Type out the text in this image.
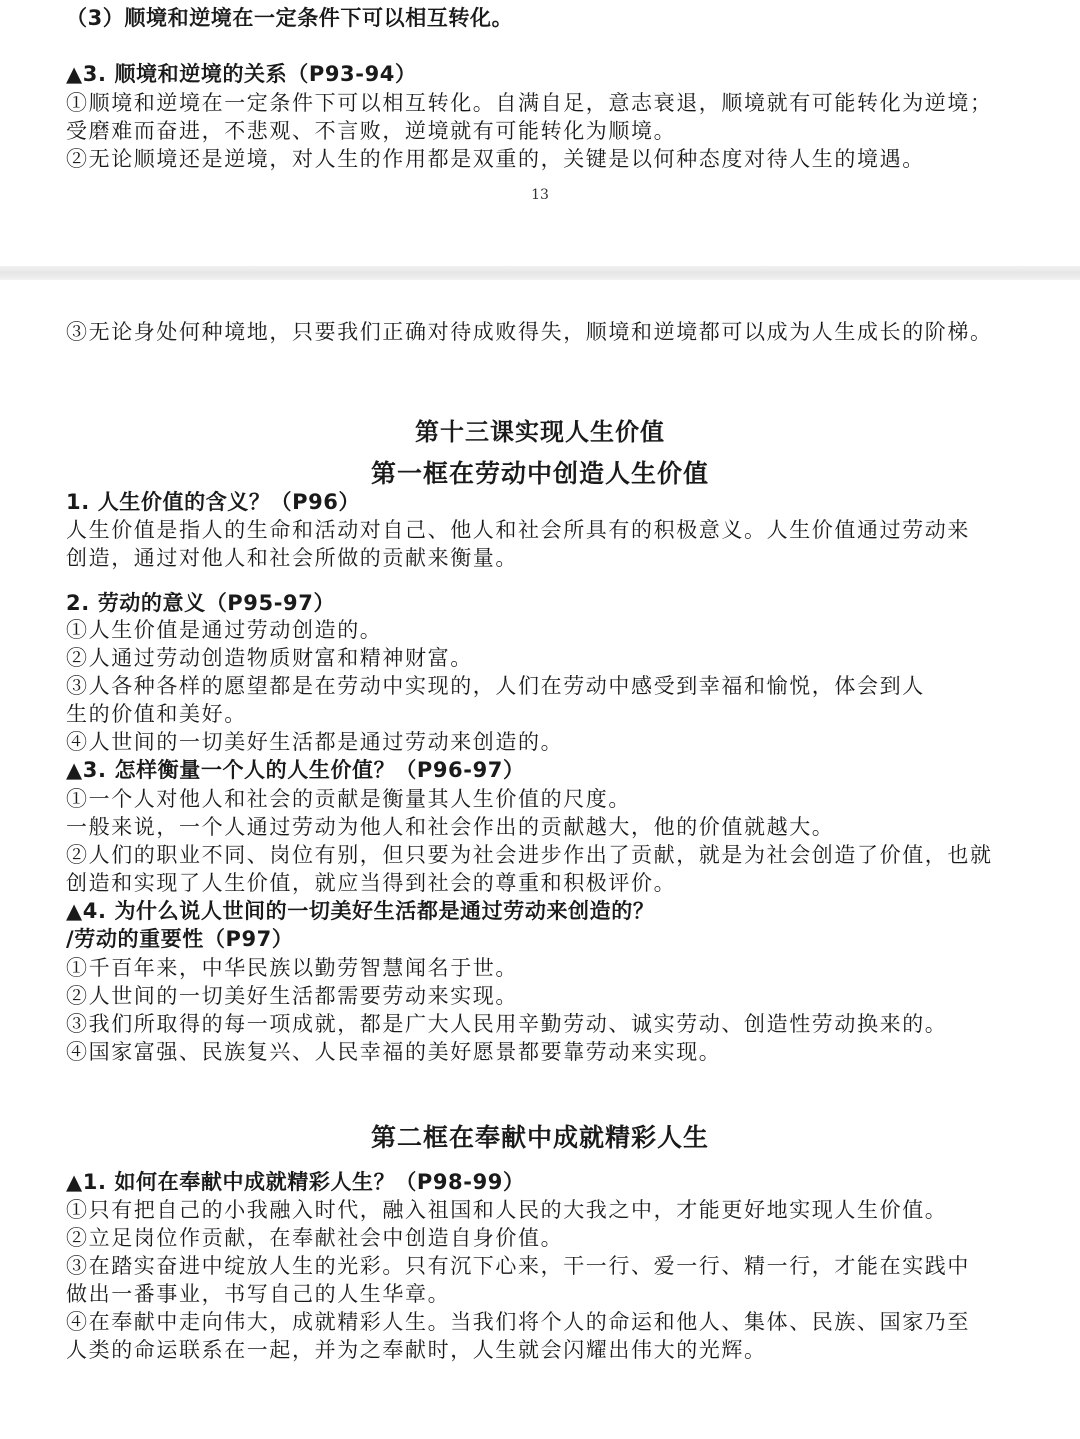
（3）顺境和逆境在一定条件下可以相互转化。
▲3. 顺境和逆境的关系（P93-94）
①顺境和逆境在一定条件下可以相互转化。自满自足，意志衰退，顺境就有可能转化为逆境；
受磨难而奋进，不悲观、不言败，逆境就有可能转化为顺境。
②无论顺境还是逆境，对人生的作用都是双重的，关键是以何种态度对待人生的境遇。
13
③无论身处何种境地，只要我们正确对待成败得失，顺境和逆境都可以成为人生成长的阶梯。
第十三课实现人生价值
第一框在劳动中创造人生价值
1. 人生价值的含义？（P96）
人生价值是指人的生命和活动对自己、他人和社会所具有的积极意义。人生价值通过劳动来
创造，通过对他人和社会所做的贡献来衡量。
2. 劳动的意义（P95-97）
①人生价值是通过劳动创造的。
②人通过劳动创造物质财富和精神财富。
③人各种各样的愿望都是在劳动中实现的，人们在劳动中感受到幸福和愉悦，体会到人
生的价值和美好。
④人世间的一切美好生活都是通过劳动来创造的。
▲3. 怎样衡量一个人的人生价值？（P96-97）
①一个人对他人和社会的贡献是衡量其人生价值的尺度。
一般来说，一个人通过劳动为他人和社会作出的贡献越大，他的价值就越大。
②人们的职业不同、岗位有别，但只要为社会进步作出了贡献，就是为社会创造了价值，也就
创造和实现了人生价值，就应当得到社会的尊重和积极评价。
▲4. 为什么说人世间的一切美好生活都是通过劳动来创造的？
/劳动的重要性（P97）
①千百年来，中华民族以勤劳智慧闻名于世。
②人世间的一切美好生活都需要劳动来实现。
③我们所取得的每一项成就，都是广大人民用辛勤劳动、诚实劳动、创造性劳动换来的。
④国家富强、民族复兴、人民幸福的美好愿景都要靠劳动来实现。
第二框在奉献中成就精彩人生
▲1. 如何在奉献中成就精彩人生？（P98-99）
①只有把自己的小我融入时代，融入祖国和人民的大我之中，才能更好地实现人生价值。
②立足岗位作贡献，在奉献社会中创造自身价值。
③在踏实奋进中绽放人生的光彩。只有沉下心来，干一行、爱一行、精一行，才能在实践中
做出一番事业，书写自己的人生华章。
④在奉献中走向伟大，成就精彩人生。当我们将个人的命运和他人、集体、民族、国家乃至
人类的命运联系在一起，并为之奉献时，人生就会闪耀出伟大的光辉。
